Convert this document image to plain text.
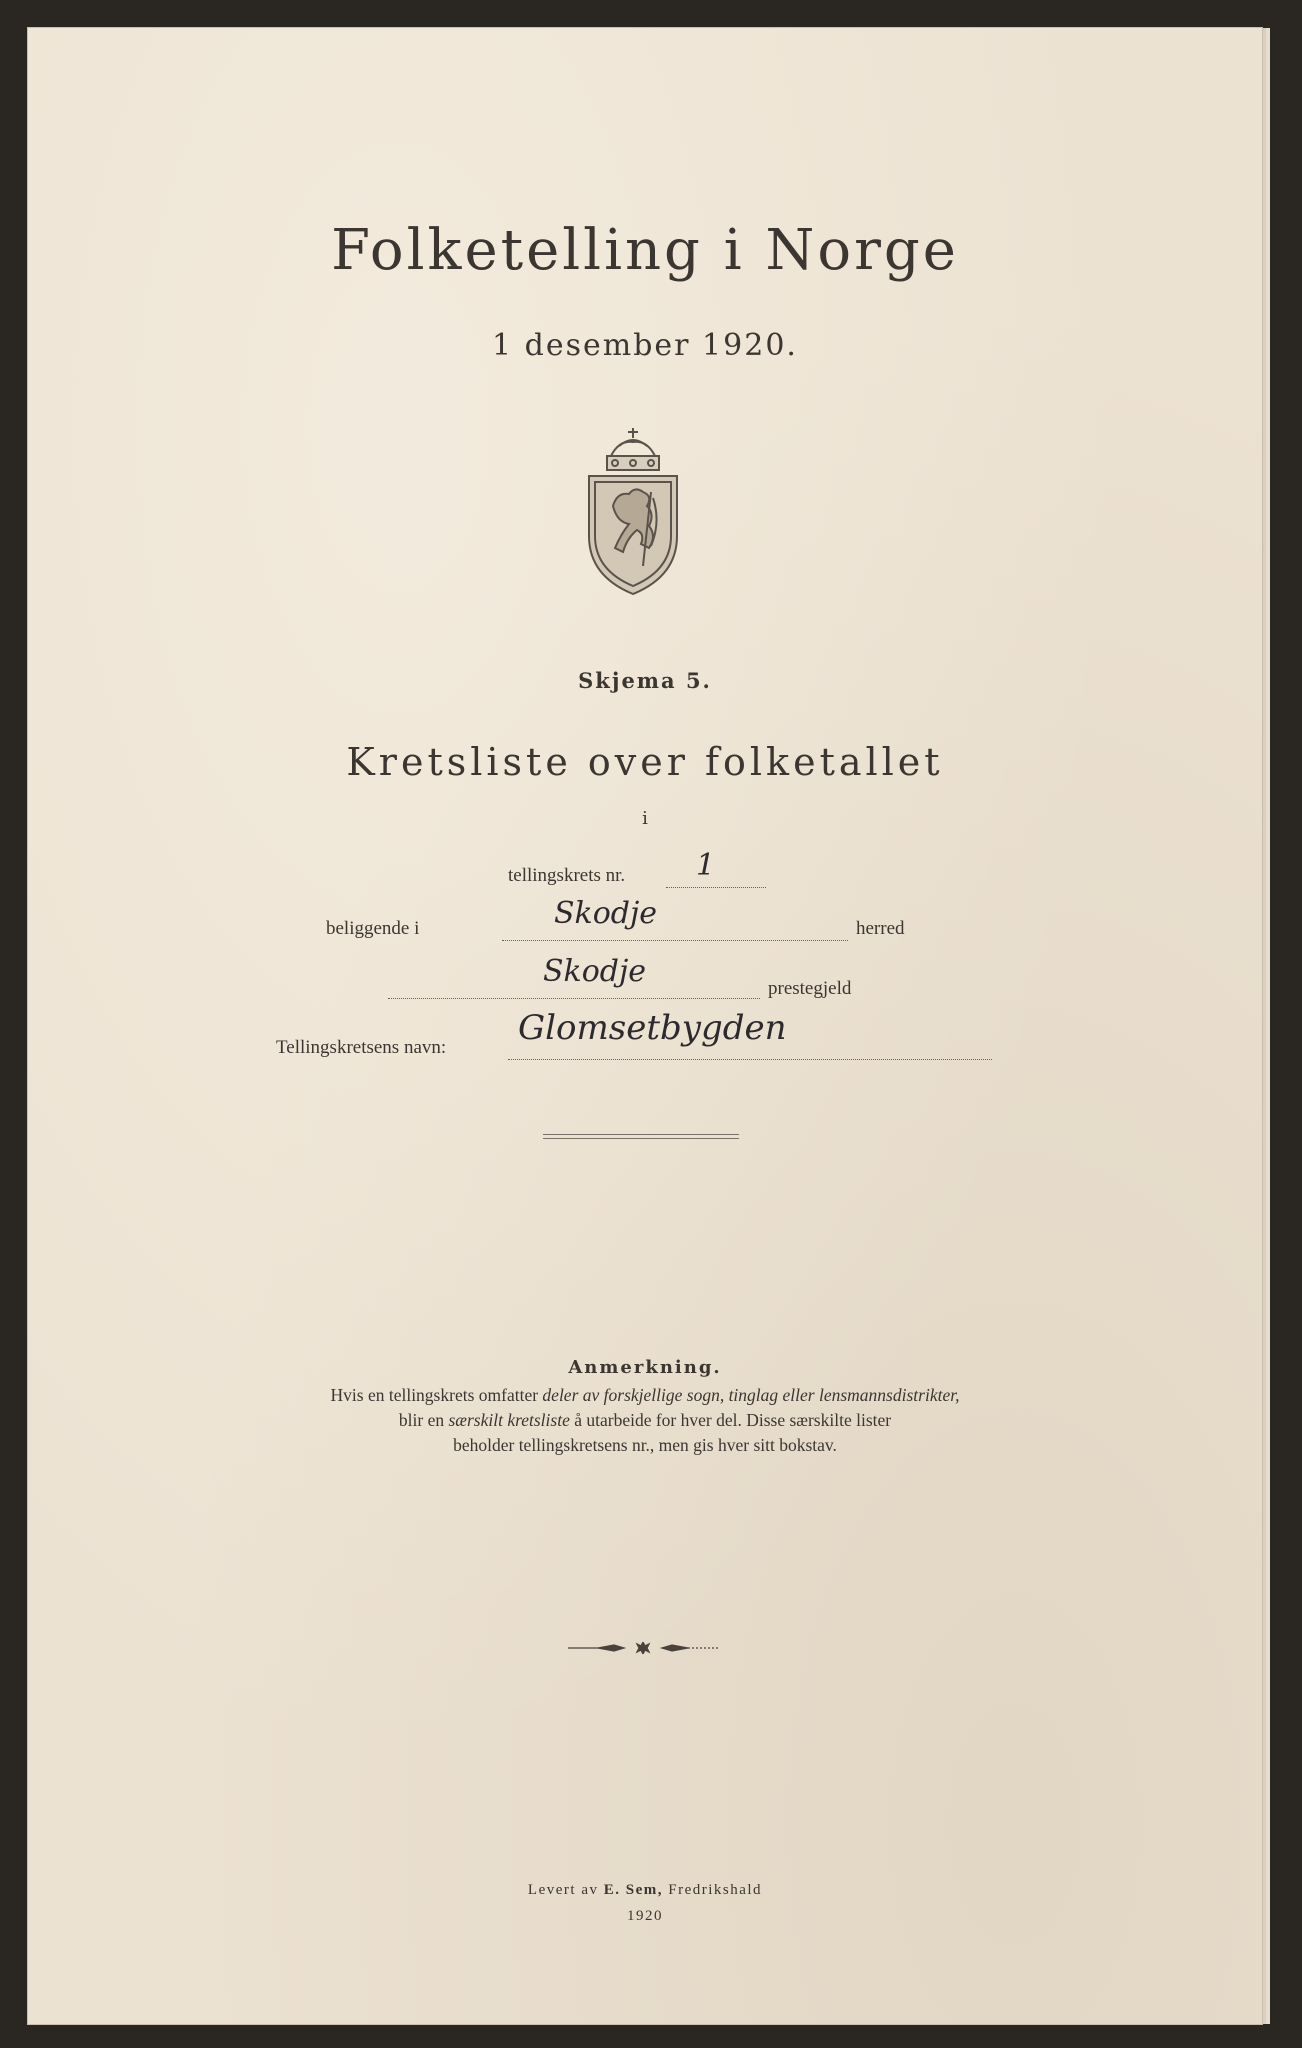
Folketelling i Norge
1 desember 1920.
Skjema 5.
Kretsliste over folketallet
i
tellingskrets nr.	1
beliggende i	Skodje	herred
Skodje	prestegjeld
Tellingskretsens navn: Glomsetbygden
Anmerkning.
Hvis en tellingskrets omfatter deler av forskjellige sogn, tinglag eller lensmannsdistrikter,
blir en særskilt kretsliste å utarbeide for hver del. Disse særskilte lister
beholder tellingskretsens nr., men gis hver sitt bokstav.
Levert av E. Sem, Fredrikshald
1920
